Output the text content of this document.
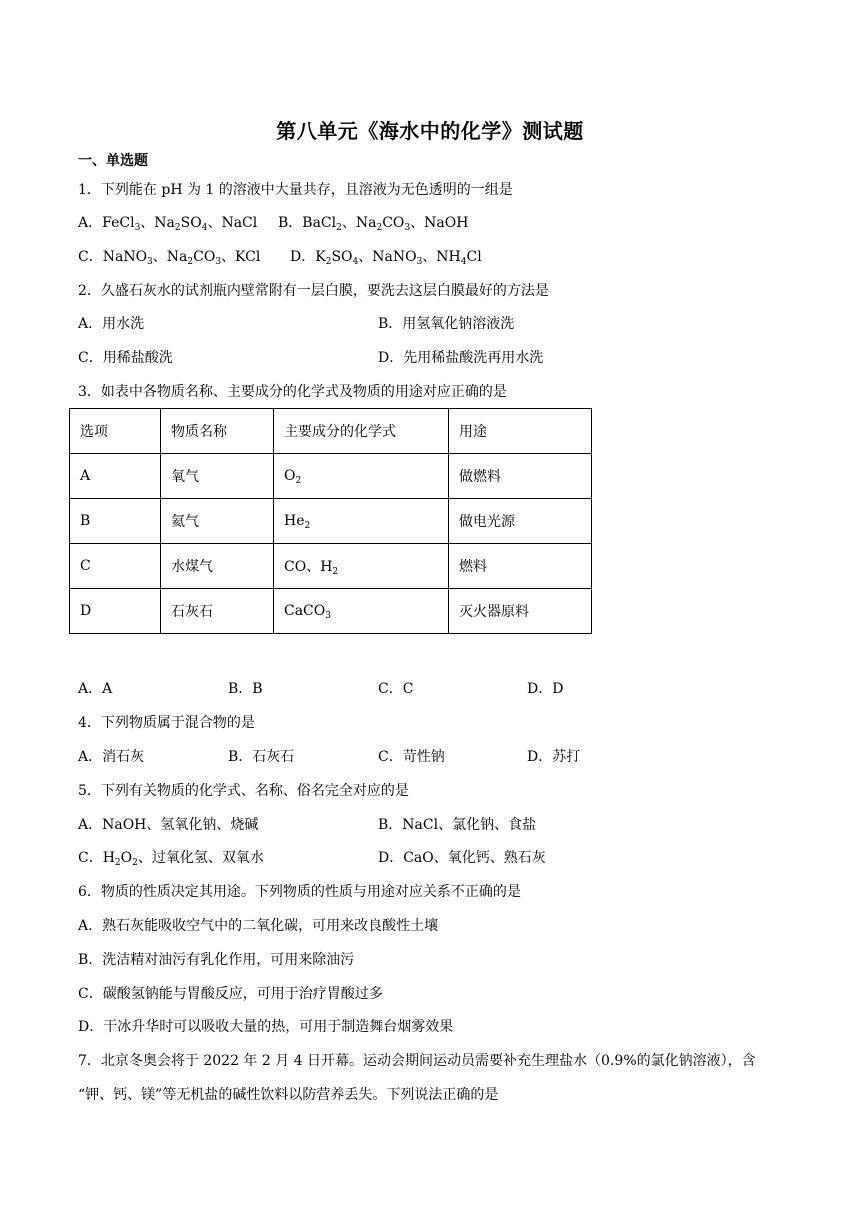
第八单元《海水中的化学》测试题
一、单选题
1．下列能在 pH 为 1 的溶液中大量共存，且溶液为无色透明的一组是
A．FeCl$_3$、$Na_2SO_4$、NaCl B．BaCl$_2$、$Na_2CO_3$、NaOH
C．NaNO$_3$、$Na_2CO_3$、KCl D．$K_2SO_4$、NaNO$_3$、$NH_4Cl$
2．久盛石灰水的试剂瓶内壁常附有一层白膜，要洗去这层白膜最好的方法是
A．用水洗	B．用氢氧化钠溶液洗
C．用稀盐酸洗	D．先用稀盐酸洗再用水洗
3．如表中各物质名称、主要成分的化学式及物质的用途对应正确的是
选项	物质名称	主要成分的化学式	用途
A	氧气	$O_2$	做燃料
B	氦气	$He_2$	做电光源
C	水煤气	CO、$H_2$	燃料
D	石灰石	CaCO$_3$	灭火器原料
A．A	B．B	C．C	D．D
4．下列物质属于混合物的是
A．消石灰	B．石灰石	C．苛性钠	D．苏打
5．下列有关物质的化学式、名称、俗名完全对应的是
A．NaOH、氢氧化钠、烧碱	B．NaCl、氯化钠、食盐
C．$H_2O_2$、过氧化氢、双氧水	D．CaO、氧化钙、熟石灰
6．物质的性质决定其用途。下列物质的性质与用途对应关系不正确的是
A．熟石灰能吸收空气中的二氧化碳，可用来改良酸性土壤
B．洗洁精对油污有乳化作用，可用来除油污
C．碳酸氢钠能与胃酸反应，可用于治疗胃酸过多
D．干冰升华时可以吸收大量的热，可用于制造舞台烟雾效果
7．北京冬奥会将于 2022 年 2 月 4 日开幕。运动会期间运动员需要补充生理盐水（0.9%的氯化钠溶液），含
“钾、钙、镁”等无机盐的碱性饮料以防营养丢失。下列说法正确的是
